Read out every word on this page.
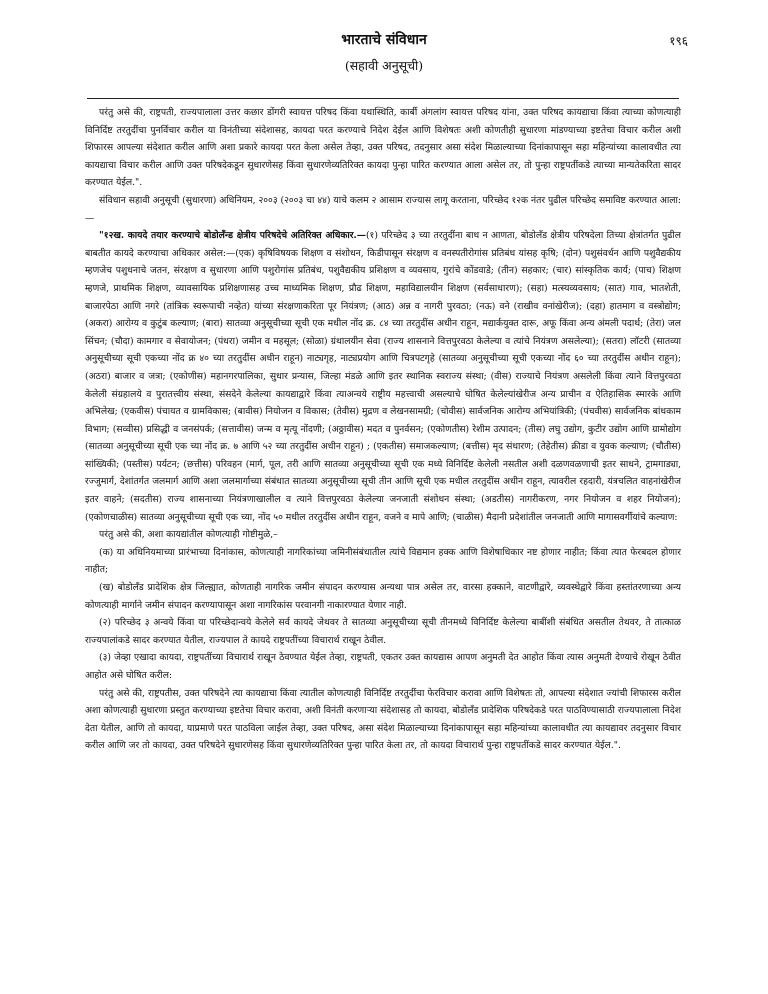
भारताचे संविधान	१९६
(सहावी अनुसूची)

परंतु असे की, राष्ट्रपती, राज्यपालाला उत्तर कछार डोंगरी स्वायत्त परिषद किंवा यथास्थिति, कार्बी अंगलांग स्वायत्त परिषद यांना, उक्त परिषद कायद्याचा किंवा त्याच्या कोणत्याही विनिर्दिष्ट तरतुदींचा पुनर्विचार करील या विनंतीच्या संदेशासह, कायदा परत करण्याचे निदेश देईल आणि विशेषतः अशी कोणतीही सुधारणा मांडण्याच्या इष्टतेचा विचार करील अशी शिफारस आपल्या संदेशात करील आणि अशा प्रकारे कायदा परत केला असेल तेव्हा, उक्त परिषद, तदनुसार असा संदेश मिळाल्याच्या दिनांकापासून सहा महिन्यांच्या कालावधीत त्या कायद्याचा विचार करील आणि उक्त परिषदेकडून सुधारणेसह किंवा सुधारणेव्यतिरिक्त कायदा पुन्हा पारित करण्यात आला असेल तर, तो पुन्हा राष्ट्रपतींकडे त्याच्या मान्यतेकरिता सादर करण्यात येईल.".

संविधान सहावी अनुसूची (सुधारणा) अधिनियम, २००३ (२००३ चा ४४) याचे कलम २ आसाम राज्यास लागू करताना, परिच्छेद १२क नंतर पुढील परिच्छेद समाविष्ट करण्यात आला:—

"१२ख. कायदे तयार करण्याचे बोडोलँन्ड क्षेत्रीय परिषदेचे अतिरिक्त अधिकार.—(१) परिच्छेद ३ च्या तरतुदींना बाध न आणता, बोडोलँड क्षेत्रीय परिषदेला तिच्या क्षेत्रांतर्गत पुढील बाबतीत कायदे करण्याचा अधिकार असेल:—(एक) कृषिविषयक शिक्षण व संशोधन, किडीपासून संरक्षण व वनस्पतीरोगांस प्रतिबंध यांसह कृषि; (दोन) पशुसंवर्धन आणि पशुवैद्यकीय म्हणजेच पशुधनाचे जतन, संरक्षण व सुधारणा आणि पशुरोगांस प्रतिबंध, पशुवैद्यकीय प्रशिक्षण व व्यवसाय, गुरांचे कोंडवाडे; (तीन) सहकार; (चार) सांस्कृतिक कार्य; (पाच) शिक्षण म्हणजे, प्राथमिक शिक्षण, व्यावसायिक प्रशिक्षणासह उच्च माध्यमिक शिक्षण, प्रौढ शिक्षण, महाविद्यालयीन शिक्षण (सर्वसाधारण); (सहा) मत्स्यव्यवसाय; (सात) गाव, भातशेती, बाजारपेठा आणि नगरे (तांत्रिक स्वरूपाची नव्हेत) यांच्या संरक्षणाकरिता पूर नियंत्रण; (आठ) अन्न व नागरी पुरवठा; (नऊ) वने (राखीव वनांखेरीज); (दहा) हातमाग व वस्त्रोद्योग; (अकरा) आरोग्य व कुटुंब कल्याण; (बारा) सातव्या अनुसूचीच्या सूची एक मधील नोंद क्र. ८४ च्या तरतुदींस अधीन राहून, मद्यार्कयुक्त दारू, अफू किंवा अन्य अंमली पदार्थ; (तेरा) जल सिंचन; (चौदा) कामगार व सेवायोजन; (पंधरा) जमीन व महसूल; (सोळा) ग्रंथालयीन सेवा (राज्य शासनाने वित्तपुरवठा केलेल्या व त्यांचे नियंत्रण असलेल्या); (सतरा) लॉटरी (सातव्या अनुसूचीच्या सूची एकच्या नोंद क्र ४० च्या तरतुदींस अधीन राहून) नाट्यगृह, नाट्यप्रयोग आणि चित्रपटगृहे (सातव्या अनुसूचीच्या सूची एकच्या नोंद ६० च्या तरतुदींस अधीन राहून); (अठरा) बाजार व जत्रा; (एकोणीस) महानगरपालिका, सुधार प्रन्यास, जिल्हा मंडळे आणि इतर स्थानिक स्वराज्य संस्था; (वीस) राज्याचे नियंत्रण असलेली किंवा त्याने वित्तपुरवठा केलेली संग्रहालये व पुरातत्त्वीय संस्था, संसदेने केलेल्या कायद्याद्वारे किंवा त्याअन्वये राष्ट्रीय महत्त्वाची असल्याचे घोषित केलेल्यांखेरीज अन्य प्राचीन व ऐतिहासिक स्मारके आणि अभिलेख; (एकवीस) पंचायत व ग्रामविकास; (बावीस) नियोजन व विकास; (तेवीस) मुद्रण व लेखनसामग्री; (चोवीस) सार्वजनिक आरोग्य अभियांत्रिकी; (पंचवीस) सार्वजनिक बांधकाम विभाग; (सव्वीस) प्रसिद्धी व जनसंपर्क; (सत्तावीस) जन्म व मृत्यू नोंदणी; (अठ्ठावीस) मदत व पुनर्वसन; (एकोणतीस) रेशीम उत्पादन; (तीस) लघु उद्योग, कुटीर उद्योग आणि ग्रामोद्योग (सातव्या अनुसूचीच्या सूची एक च्या नोंद क्र. ७ आणि ५२ च्या तरतुदींस अधीन राहून) ; (एकतीस) समाजकल्याण; (बत्तीस) मृद संधारण; (तेहेतीस) क्रीडा व युवक कल्याण; (चौतीस) सांख्यिकी; (पस्तीस) पर्यटन; (छत्तीस) परिवहन (मार्ग, पूल, तरी आणि सातव्या अनुसूचीच्या सूची एक मध्ये विनिर्दिष्ट केलेली नसतील अशी दळणवळणाची इतर साधने, ट्रामगाड्या, रज्जुमार्ग, देशांतर्गत जलमार्ग आणि अशा जलमार्गाच्या संबंधात सातव्या अनुसूचीच्या सूची तीन आणि सूची एक मधील तरतुदींस अधीन राहून, त्यावरील रहदारी, यंत्रचलित वाहनांखेरीज इतर वाहने; (सदतीस) राज्य शासनाच्या नियंत्रणाखालील व त्याने वित्तपुरवठा केलेल्या जनजाती संशोधन संस्था; (अडतीस) नागरीकरण, नगर नियोजन व शहर नियोजन); (एकोणचाळीस) सातव्या अनुसूचीच्या सूची एक च्या, नोंद ५० मधील तरतुदींस अधीन राहून, वजने व मापे आणि; (चाळीस) मैदानी प्रदेशांतील जनजाती आणि मागासवर्गीयांचे कल्याण:

परंतु असे की, अशा कायद्यांतील कोणत्याही गोष्टीमुळे,–

(क) या अधिनियमाच्या प्रारंभाच्या दिनांकास, कोणत्याही नागरिकांच्या जमिनीसंबंधातील त्यांचे विद्यमान हक्क आणि विशेषाधिकार नष्ट होणार नाहीत; किंवा त्यात फेरबदल होणार नाहीत;

(ख) बोडोलँड प्रादेशिक क्षेत्र जिल्ह्यात, कोणताही नागरिक जमीन संपादन करण्यास अन्यथा पात्र असेल तर, वारसा हक्काने, वाटणीद्वारे, व्यवस्थेद्वारे किंवा हस्तांतरणाच्या अन्य कोणत्याही मार्गाने जमीन संपादन करण्यापासून अशा नागरिकांस परवानगी नाकारण्यात येणार नाही.

(२) परिच्छेद ३ अन्वये किंवा या परिच्छेदान्वये केलेले सर्व कायदे जेथवर ते सातव्या अनुसूचीच्या सूची तीनमध्ये विनिर्दिष्ट केलेल्या बाबींशी संबंधित असतील तेथवर, ते तात्काळ राज्यपालांकडे सादर करण्यात येतील, राज्यपाल ते कायदे राष्ट्रपतींच्या विचारार्थ राखून ठेवील.

(३) जेव्हा एखादा कायदा, राष्ट्रपतींच्या विचारार्थ राखून ठेवण्यात येईल तेव्हा, राष्ट्रपती, एकतर उक्त कायद्यास आपण अनुमती देत आहोत किंवा त्यास अनुमती देण्याचे रोखून ठेवीत आहोत असे घोषित करील:

परंतु असे की, राष्ट्रपतीस, उक्त परिषदेने त्या कायद्याचा किंवा त्यातील कोणत्याही विनिर्दिष्ट तरतुदींचा फेरविचार करावा आणि विशेषतः तो, आपल्या संदेशात ज्यांची शिफारस करील अशा कोणत्याही सुधारणा प्रस्तुत करण्याच्या इष्टतेचा विचार करावा, अशी विनंती करणाऱ्या संदेशासह तो कायदा, बोडोलँड प्रादेशिक परिषदेकडे परत पाठविण्यासाठी राज्यपालाला निदेश देता येतील, आणि तो कायदा, याप्रमाणे परत पाठविला जाईल तेव्हा, उक्त परिषद, असा संदेश मिळाल्याच्या दिनांकापासून सहा महिन्यांच्या कालावधीत त्या कायद्यावर तदनुसार विचार करील आणि जर तो कायदा, उक्त परिषदेने सुधारणेसह किंवा सुधारणेव्यतिरिक्त पुन्हा पारित केला तर, तो कायदा विचारार्थ पुन्हा राष्ट्रपतींकडे सादर करण्यात येईल.".
